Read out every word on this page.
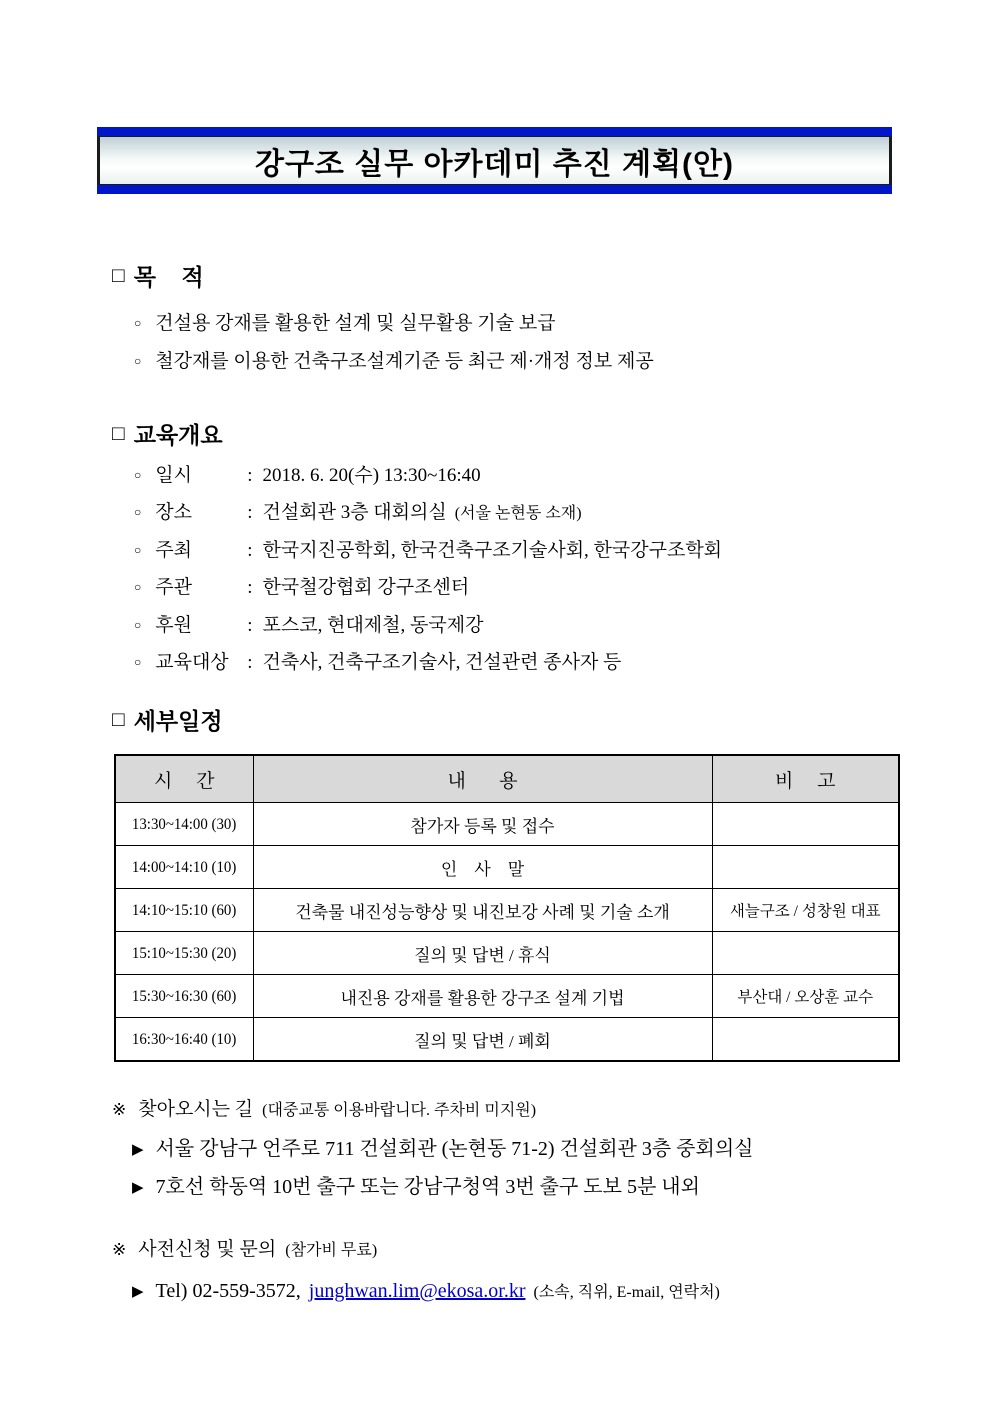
강구조 실무 아카데미 추진 계획(안)
□ 목    적
○ 건설용 강재를 활용한 설계 및 실무활용 기술 보급
○ 철강재를 이용한 건축구조설계기준 등 최근 제·개정 정보 제공
□ 교육개요
○ 일시	: 2018. 6. 20(수) 13:30~16:40
○ 장소	: 건설회관 3층 대회의실 (서울 논현동 소재)
○ 주최	: 한국지진공학회, 한국건축구조기술사회, 한국강구조학회
○ 주관	: 한국철강협회 강구조센터
○ 후원	: 포스코, 현대제철, 동국제강
○ 교육대상 : 건축사, 건축구조기술사, 건설관련 종사자 등
□ 세부일정
시     간	내       용	비     고
13:30~14:00 (30)	참가자 등록 및 접수	
14:00~14:10 (10)	인    사    말	
14:10~15:10 (60)	건축물 내진성능향상 및 내진보강 사례 및 기술 소개	새늘구조 / 성창원 대표
15:10~15:30 (20)	질의 및 답변 / 휴식	
15:30~16:30 (60)	내진용 강재를 활용한 강구조 설계 기법	부산대 / 오상훈 교수
16:30~16:40 (10)	질의 및 답변 / 폐회	
※ 찾아오시는 길 (대중교통 이용바랍니다. 주차비 미지원)
▶ 서울 강남구 언주로 711 건설회관 (논현동 71-2) 건설회관 3층 중회의실
▶ 7호선 학동역 10번 출구 또는 강남구청역 3번 출구 도보 5분 내외
※ 사전신청 및 문의 (참가비 무료)
▶ Tel) 02-559-3572, junghwan.lim@ekosa.or.kr (소속, 직위, E-mail, 연락처)
